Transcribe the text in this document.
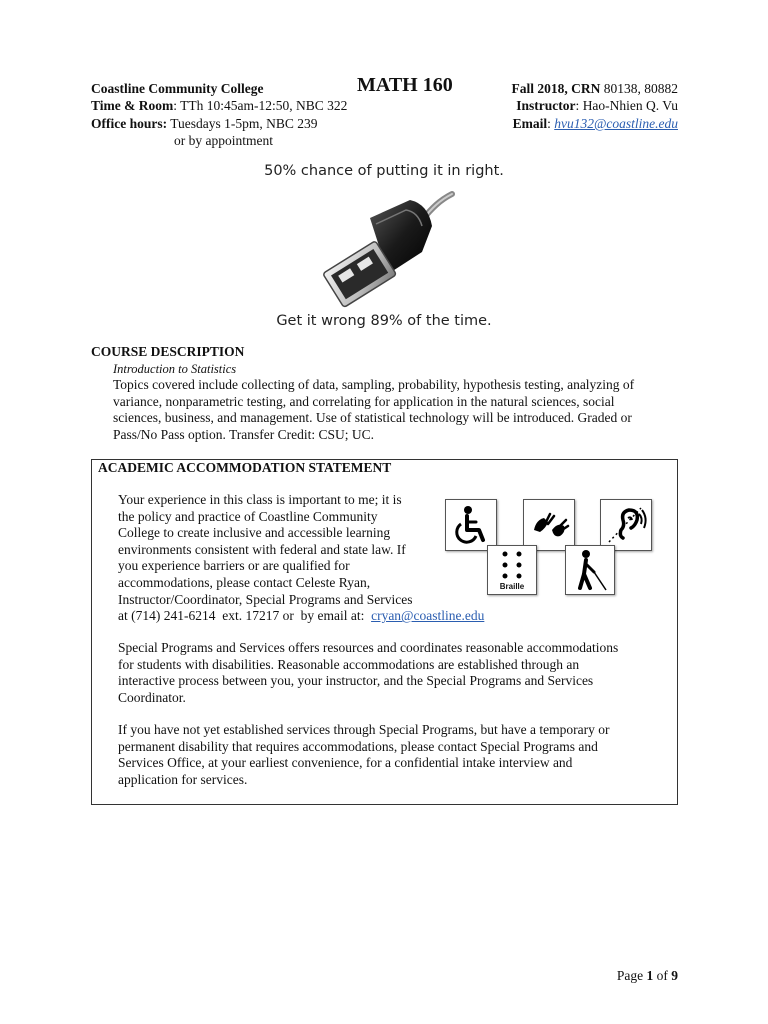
Coastline Community College	MATH 160	Fall 2018, CRN 80138, 80882
Time & Room: TTh 10:45am-12:50, NBC 322	Instructor: Hao-Nhien Q. Vu
Office hours: Tuesdays 1-5pm, NBC 239	Email: hvu132@coastline.edu
or by appointment
50% chance of putting it in right.
Get it wrong 89% of the time.
COURSE DESCRIPTION
Introduction to Statistics
Topics covered include collecting of data, sampling, probability, hypothesis testing, analyzing of
variance, nonparametric testing, and correlating for application in the natural sciences, social
sciences, business, and management. Use of statistical technology will be introduced. Graded or
Pass/No Pass option. Transfer Credit: CSU; UC.
ACADEMIC ACCOMMODATION STATEMENT
Your experience in this class is important to me; it is
the policy and practice of Coastline Community
College to create inclusive and accessible learning
environments consistent with federal and state law. If
you experience barriers or are qualified for
accommodations, please contact Celeste Ryan,
Instructor/Coordinator, Special Programs and Services
at (714) 241-6214  ext. 17217 or  by email at:  cryan@coastline.edu
Special Programs and Services offers resources and coordinates reasonable accommodations
for students with disabilities. Reasonable accommodations are established through an
interactive process between you, your instructor, and the Special Programs and Services
Coordinator.
If you have not yet established services through Special Programs, but have a temporary or
permanent disability that requires accommodations, please contact Special Programs and
Services Office, at your earliest convenience, for a confidential intake interview and
application for services.
Braille
Page 1 of 9
